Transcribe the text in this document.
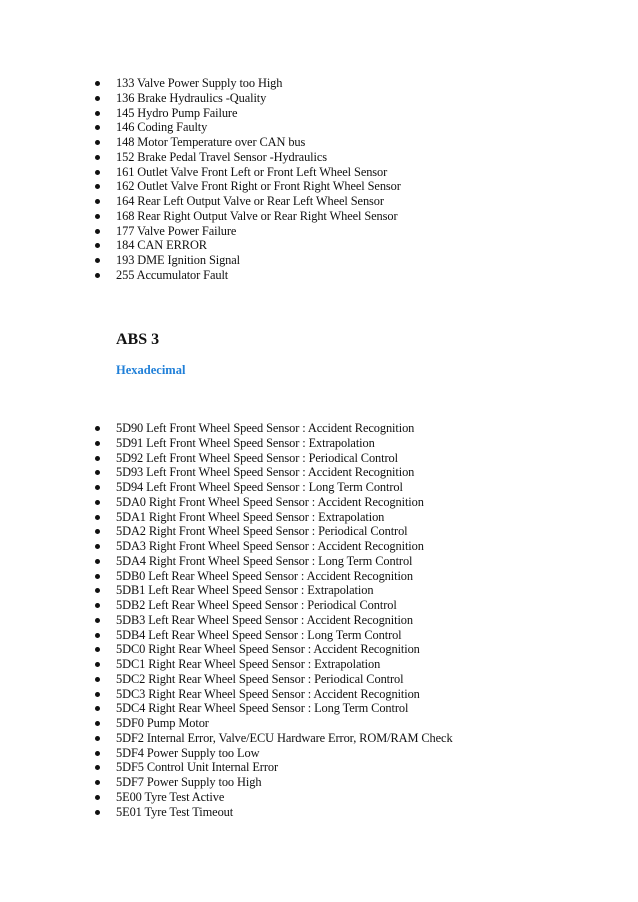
133 Valve Power Supply too High
136 Brake Hydraulics -Quality
145 Hydro Pump Failure
146 Coding Faulty
148 Motor Temperature over CAN bus
152 Brake Pedal Travel Sensor -Hydraulics
161 Outlet Valve Front Left or Front Left Wheel Sensor
162 Outlet Valve Front Right or Front Right Wheel Sensor
164 Rear Left Output Valve or Rear Left Wheel Sensor
168 Rear Right Output Valve or Rear Right Wheel Sensor
177 Valve Power Failure
184 CAN ERROR
193 DME Ignition Signal
255 Accumulator Fault
ABS 3
Hexadecimal
5D90 Left Front Wheel Speed Sensor : Accident Recognition
5D91 Left Front Wheel Speed Sensor : Extrapolation
5D92 Left Front Wheel Speed Sensor : Periodical Control
5D93 Left Front Wheel Speed Sensor : Accident Recognition
5D94 Left Front Wheel Speed Sensor : Long Term Control
5DA0 Right Front Wheel Speed Sensor : Accident Recognition
5DA1 Right Front Wheel Speed Sensor : Extrapolation
5DA2 Right Front Wheel Speed Sensor : Periodical Control
5DA3 Right Front Wheel Speed Sensor : Accident Recognition
5DA4 Right Front Wheel Speed Sensor : Long Term Control
5DB0 Left Rear Wheel Speed Sensor : Accident Recognition
5DB1 Left Rear Wheel Speed Sensor : Extrapolation
5DB2 Left Rear Wheel Speed Sensor : Periodical Control
5DB3 Left Rear Wheel Speed Sensor : Accident Recognition
5DB4 Left Rear Wheel Speed Sensor : Long Term Control
5DC0 Right Rear Wheel Speed Sensor : Accident Recognition
5DC1 Right Rear Wheel Speed Sensor : Extrapolation
5DC2 Right Rear Wheel Speed Sensor : Periodical Control
5DC3 Right Rear Wheel Speed Sensor : Accident Recognition
5DC4 Right Rear Wheel Speed Sensor : Long Term Control
5DF0 Pump Motor
5DF2 Internal Error, Valve/ECU Hardware Error, ROM/RAM Check
5DF4 Power Supply too Low
5DF5 Control Unit Internal Error
5DF7 Power Supply too High
5E00 Tyre Test Active
5E01 Tyre Test Timeout
